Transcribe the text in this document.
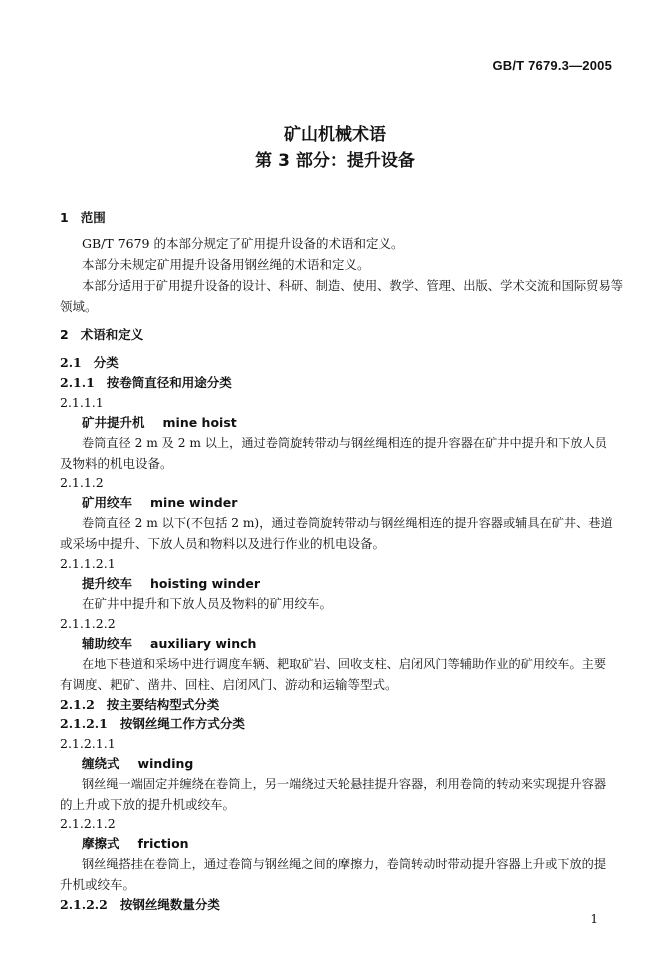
GB/T 7679.3—2005
矿山机械术语
第 3 部分：提升设备
1 范围
GB/T 7679 的本部分规定了矿用提升设备的术语和定义。
本部分未规定矿用提升设备用钢丝绳的术语和定义。
本部分适用于矿用提升设备的设计、科研、制造、使用、教学、管理、出版、学术交流和国际贸易等
领域。
2 术语和定义
2.1 分类
2.1.1 按卷筒直径和用途分类
2.1.1.1
矿井提升机 mine hoist
卷筒直径 2 m 及 2 m 以上，通过卷筒旋转带动与钢丝绳相连的提升容器在矿井中提升和下放人员
及物料的机电设备。
2.1.1.2
矿用绞车 mine winder
卷筒直径 2 m 以下(不包括 2 m)，通过卷筒旋转带动与钢丝绳相连的提升容器或辅具在矿井、巷道
或采场中提升、下放人员和物料以及进行作业的机电设备。
2.1.1.2.1
提升绞车 hoisting winder
在矿井中提升和下放人员及物料的矿用绞车。
2.1.1.2.2
辅助绞车 auxiliary winch
在地下巷道和采场中进行调度车辆、耙取矿岩、回收支柱、启闭风门等辅助作业的矿用绞车。主要
有调度、耙矿、凿井、回柱、启闭风门、游动和运输等型式。
2.1.2 按主要结构型式分类
2.1.2.1 按钢丝绳工作方式分类
2.1.2.1.1
缠绕式 winding
钢丝绳一端固定并缠绕在卷筒上，另一端绕过天轮悬挂提升容器，利用卷筒的转动来实现提升容器
的上升或下放的提升机或绞车。
2.1.2.1.2
摩擦式 friction
钢丝绳搭挂在卷筒上，通过卷筒与钢丝绳之间的摩擦力，卷筒转动时带动提升容器上升或下放的提
升机或绞车。
2.1.2.2 按钢丝绳数量分类
1
